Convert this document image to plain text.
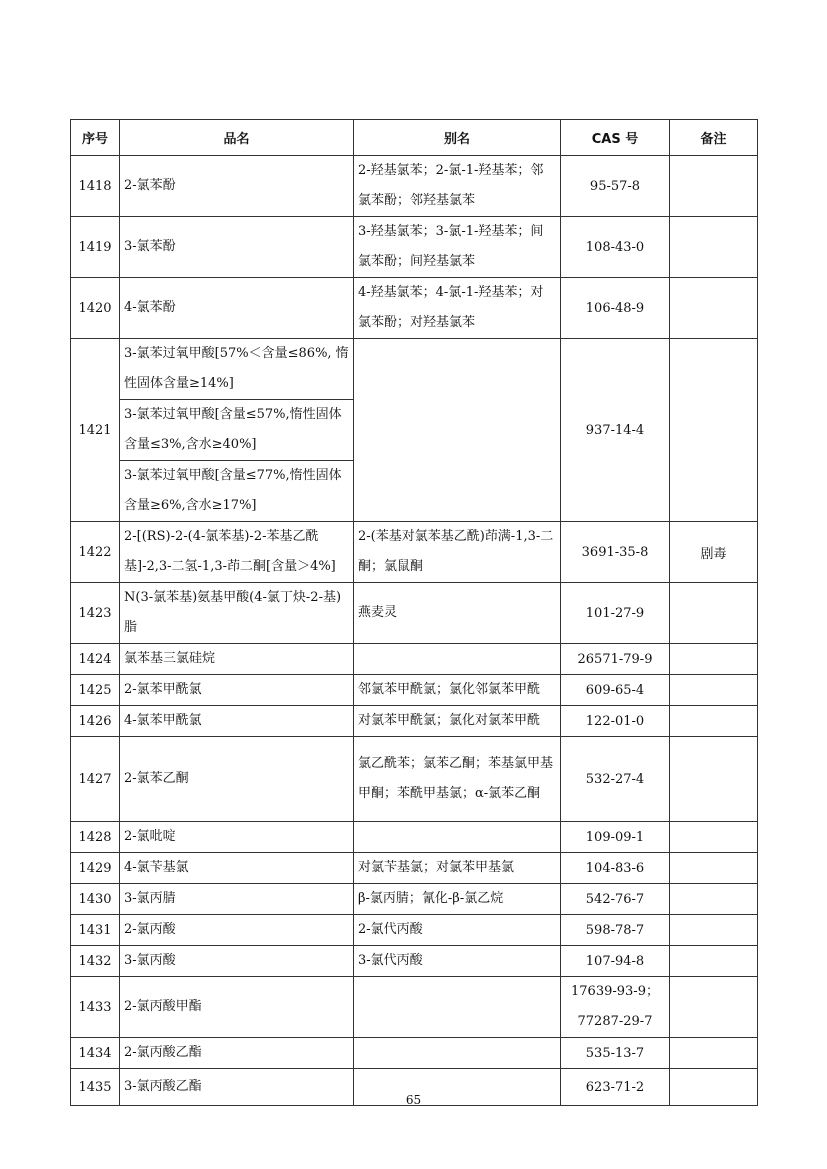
序号	品名	别名	CAS 号	备注
1418	2-氯苯酚	2-羟基氯苯；2-氯-1-羟基苯；邻氯苯酚；邻羟基氯苯	95-57-8	
1419	3-氯苯酚	3-羟基氯苯；3-氯-1-羟基苯；间氯苯酚；间羟基氯苯	108-43-0	
1420	4-氯苯酚	4-羟基氯苯；4-氯-1-羟基苯；对氯苯酚；对羟基氯苯	106-48-9	
1421	3-氯苯过氧甲酸[57%＜含量≤86%, 惰性固体含量≥14%]		937-14-4	
	3-氯苯过氧甲酸[含量≤57%,惰性固体含量≤3%,含水≥40%]			
	3-氯苯过氧甲酸[含量≤77%,惰性固体含量≥6%,含水≥17%]			
1422	2-[(RS)-2-(4-氯苯基)-2-苯基乙酰基]-2,3-二氢-1,3-茚二酮[含量＞4%]	2-(苯基对氯苯基乙酰)茚满-1,3-二酮；氯鼠酮	3691-35-8	剧毒
1423	N(3-氯苯基)氨基甲酸(4-氯丁炔-2-基)脂	燕麦灵	101-27-9	
1424	氯苯基三氯硅烷		26571-79-9	
1425	2-氯苯甲酰氯	邻氯苯甲酰氯；氯化邻氯苯甲酰	609-65-4	
1426	4-氯苯甲酰氯	对氯苯甲酰氯；氯化对氯苯甲酰	122-01-0	
1427	2-氯苯乙酮	氯乙酰苯；氯苯乙酮；苯基氯甲基甲酮；苯酰甲基氯；α-氯苯乙酮	532-27-4	
1428	2-氯吡啶		109-09-1	
1429	4-氯苄基氯	对氯苄基氯；对氯苯甲基氯	104-83-6	
1430	3-氯丙腈	β-氯丙腈；氰化-β-氯乙烷	542-76-7	
1431	2-氯丙酸	2-氯代丙酸	598-78-7	
1432	3-氯丙酸	3-氯代丙酸	107-94-8	
1433	2-氯丙酸甲酯		17639-93-9；77287-29-7	
1434	2-氯丙酸乙酯		535-13-7	
1435	3-氯丙酸乙酯		623-71-2	
65
